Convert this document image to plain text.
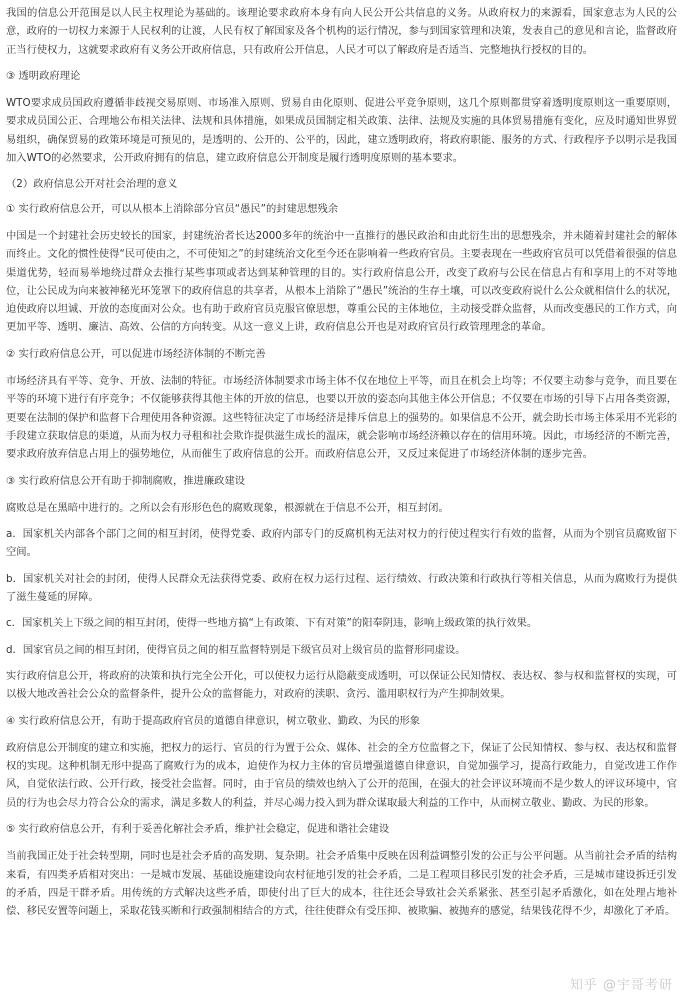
我国的信息公开范围是以人民主权理论为基础的。该理论要求政府本身有向人民公开公共信息的义务。从政府权力的来源看，国家意志为人民的公意，政府的一切权力来源于人民权利的让渡，人民有权了解国家及各个机构的运行情况，参与到国家管理和决策，发表自己的意见和言论，监督政府正当行使权力，这就要求政府有义务公开政府信息，只有政府公开信息，人民才可以了解政府是否适当、完整地执行授权的目的。

③ 透明政府理论

WTO要求成员国政府遵循非歧视交易原则、市场准入原则、贸易自由化原则、促进公平竞争原则，这几个原则都贯穿着透明度原则这一重要原则，要求成员国公正、合理地公布相关法律、法规和具体措施，如果成员国制定相关政策、法律、法规及实施的具体贸易措施有变化，应及时通知世界贸易组织，确保贸易的政策环境是可预见的，是透明的、公开的、公平的，因此，建立透明政府，将政府职能、服务的方式、行政程序予以明示是我国加入WTO的必然要求，公开政府拥有的信息，建立政府信息公开制度是履行透明度原则的基本要求。

（2）政府信息公开对社会治理的意义

① 实行政府信息公开，可以从根本上消除部分官员“愚民”的封建思想残余

中国是一个封建社会历史较长的国家，封建统治者长达2000多年的统治中一直推行的愚民政治和由此衍生出的思想残余，并未随着封建社会的解体而终止。文化的惯性使得“民可使由之，不可使知之”的封建统治文化至今还在影响着一些政府官员。主要表现在一些政府官员可以凭借着很强的信息渠道优势，轻而易举地绕过群众去推行某些事项或者达到某种管理的目的。实行政府信息公开，改变了政府与公民在信息占有和享用上的不对等地位，让公民成为向来被神秘光环笼罩下的政府信息的共享者，从根本上消除了“愚民”统治的生存土壤，可以改变政府说什么公众就相信什么的状况，迫使政府以坦诚、开放的态度面对公众。也有助于政府官员克服官僚思想，尊重公民的主体地位，主动接受群众监督，从而改变愚民的工作方式，向更加平等、透明、廉洁、高效、公信的方向转变。从这一意义上讲，政府信息公开也是对政府官员行政管理理念的革命。

② 实行政府信息公开，可以促进市场经济体制的不断完善

市场经济具有平等、竞争、开放、法制的特征。市场经济体制要求市场主体不仅在地位上平等，而且在机会上均等；不仅要主动参与竞争，而且要在平等的环境下进行有序竞争；不仅能够获得其他主体的开放的信息，也要以开放的姿态向其他主体公开信息；不仅要在市场的引导下占用各类资源，更要在法制的保护和监督下合理使用各种资源。这些特征决定了市场经济是排斥信息上的强势的。如果信息不公开，就会助长市场主体采用不光彩的手段建立获取信息的渠道，从而为权力寻租和社会欺诈提供滋生成长的温床，就会影响市场经济赖以存在的信用环境。因此，市场经济的不断完善，要求政府放弃信息占用上的强势地位，从而催生了政府信息的公开。而政府信息公开，又反过来促进了市场经济体制的逐步完善。

③ 实行政府信息公开有助于抑制腐败，推进廉政建设

腐败总是在黑暗中进行的。之所以会有形形色色的腐败现象，根源就在于信息不公开，相互封闭。

a．国家机关内部各个部门之间的相互封闭，使得党委、政府内部专门的反腐机构无法对权力的行使过程实行有效的监督，从而为个别官员腐败留下空间。

b．国家机关对社会的封闭，使得人民群众无法获得党委、政府在权力运行过程、运行绩效、行政决策和行政执行等相关信息，从而为腐败行为提供了滋生蔓延的屏障。

c．国家机关上下级之间的相互封闭，使得一些地方搞“上有政策、下有对策”的阳奉阴违，影响上级政策的执行效果。

d．国家官员之间的相互封闭，使得官员之间的相互监督特别是下级官员对上级官员的监督形同虚设。

实行政府信息公开，将政府的决策和执行完全公开化，可以使权力运行从隐蔽变成透明，可以保证公民知情权、表达权、参与权和监督权的实现，可以极大地改善社会公众的监督条件，提升公众的监督能力，对政府的渎职、贪污、滥用职权行为产生抑制效果。

④ 实行政府信息公开，有助于提高政府官员的道德自律意识，树立敬业、勤政、为民的形象

政府信息公开制度的建立和实施，把权力的运行、官员的行为置于公众、媒体、社会的全方位监督之下，保证了公民知情权、参与权、表达权和监督权的实现。这种机制无形中提高了腐败行为的成本，迫使作为权力主体的官员增强道德自律意识，自觉加强学习，提高行政能力，自觉改进工作作风，自觉依法行政、公开行政，接受社会监督。同时，由于官员的绩效也纳入了公开的范围，在强大的社会评议环境而不是少数人的评议环境中，官员的行为也会尽力符合公众的需求，满足多数人的利益，并尽心竭力投入到为群众谋取最大利益的工作中，从而树立敬业、勤政、为民的形象。

⑤ 实行政府信息公开，有利于妥善化解社会矛盾，维护社会稳定，促进和谐社会建设

当前我国正处于社会转型期，同时也是社会矛盾的高发期、复杂期。社会矛盾集中反映在因利益调整引发的公正与公平问题。从当前社会矛盾的结构来看，有四类矛盾相对突出：一是城市发展、基础设施建设向农村征地引发的社会矛盾，二是工程项目移民引发的社会矛盾，三是城市建设拆迁引发的矛盾，四是干群矛盾。用传统的方式解决这些矛盾，即使付出了巨大的成本，往往还会导致社会关系紧张、甚至引起矛盾激化，如在处理占地补偿、移民安置等问题上，采取花钱买断和行政强制相结合的方式，往往使群众有受压抑、被欺骗、被抛弃的感觉，结果钱花得不少，却激化了矛盾。

知乎 @宇哥考研
